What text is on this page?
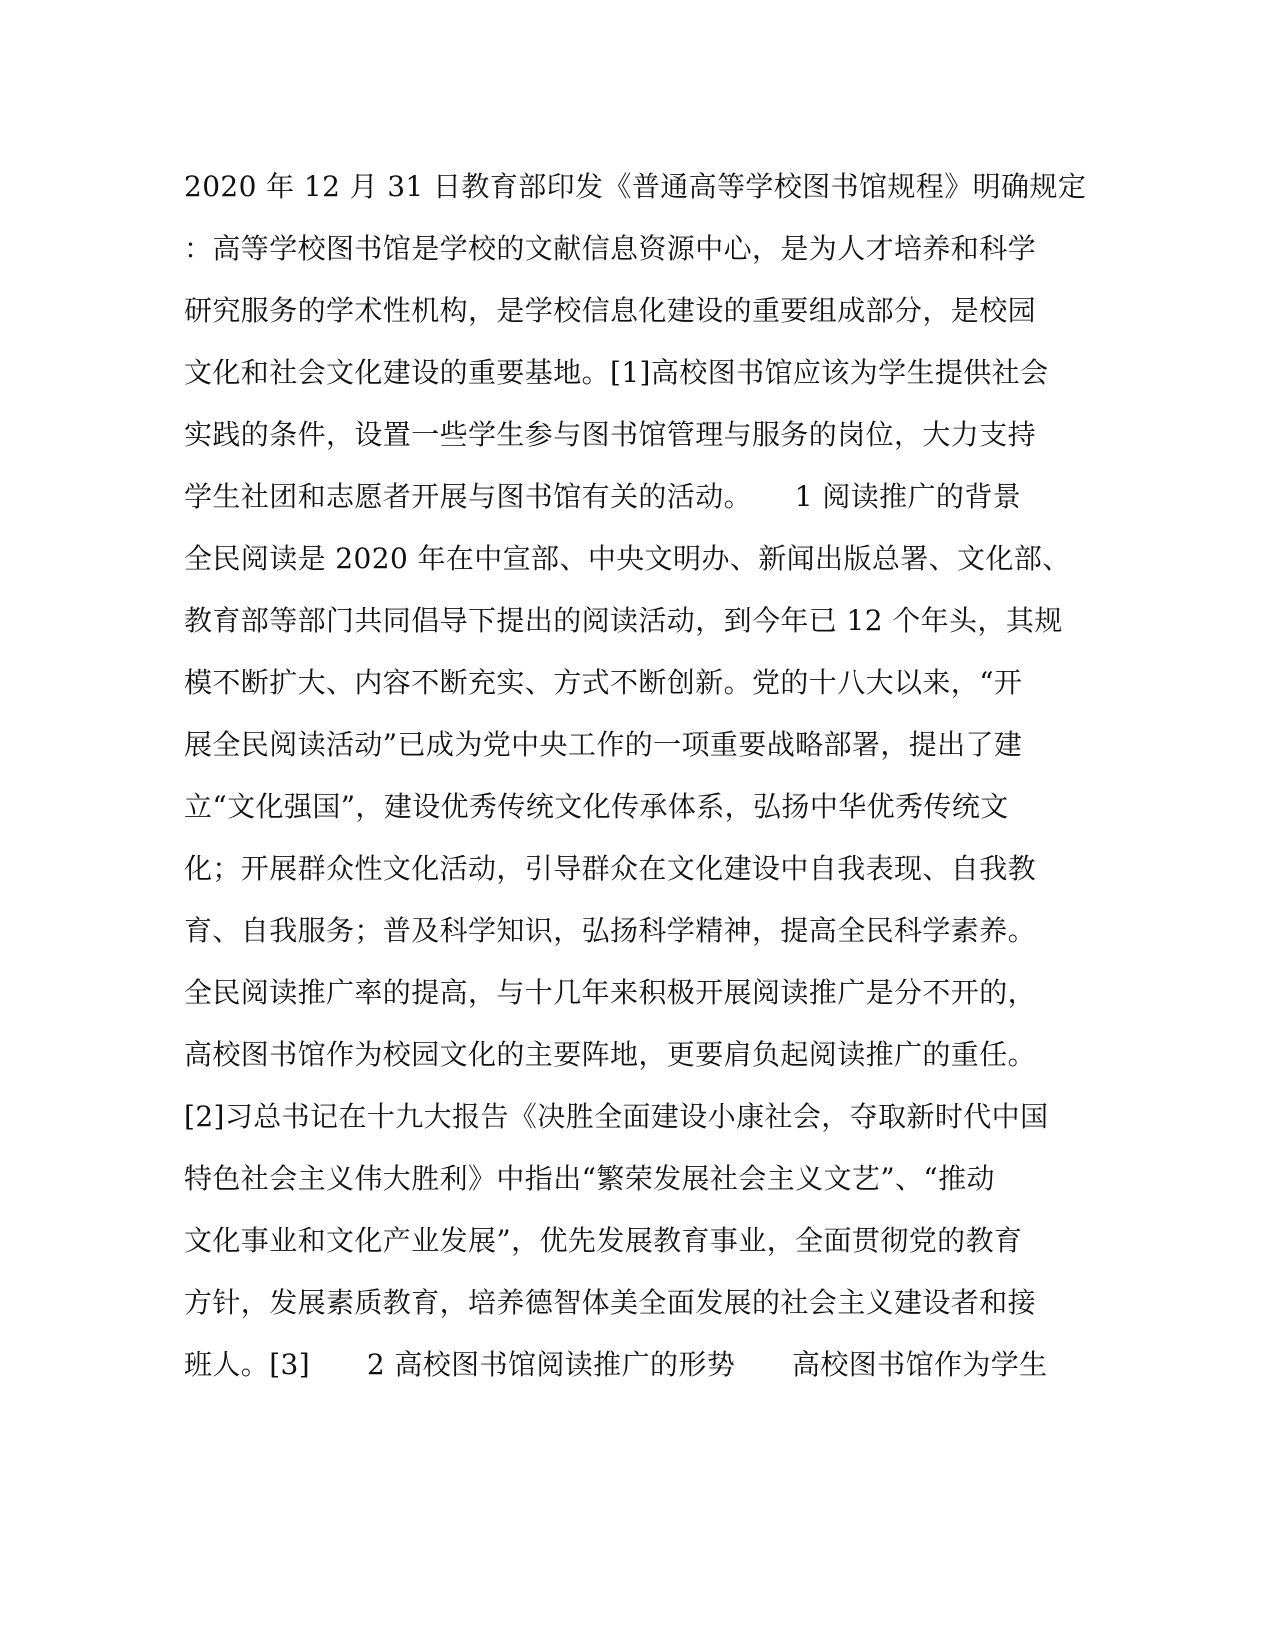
2020 年 12 月 31 日教育部印发《普通高等学校图书馆规程》明确规定
：高等学校图书馆是学校的文献信息资源中心，是为人才培养和科学
研究服务的学术性机构，是学校信息化建设的重要组成部分，是校园
文化和社会文化建设的重要基地。[1]高校图书馆应该为学生提供社会
实践的条件，设置一些学生参与图书馆管理与服务的岗位，大力支持
学生社团和志愿者开展与图书馆有关的活动。　　1 阅读推广的背景
全民阅读是 2020 年在中宣部、中央文明办、新闻出版总署、文化部、
教育部等部门共同倡导下提出的阅读活动，到今年已 12 个年头，其规
模不断扩大、内容不断充实、方式不断创新。党的十八大以来，“开
展全民阅读活动”已成为党中央工作的一项重要战略部署，提出了建
立“文化强国”，建设优秀传统文化传承体系，弘扬中华优秀传统文
化；开展群众性文化活动，引导群众在文化建设中自我表现、自我教
育、自我服务；普及科学知识，弘扬科学精神，提高全民科学素养。
全民阅读推广率的提高，与十几年来积极开展阅读推广是分不开的，
高校图书馆作为校园文化的主要阵地，更要肩负起阅读推广的重任。
[2]习总书记在十九大报告《决胜全面建设小康社会，夺取新时代中国
特色社会主义伟大胜利》中指出“繁荣发展社会主义文艺”、“推动
文化事业和文化产业发展”，优先发展教育事业，全面贯彻党的教育
方针，发展素质教育，培养德智体美全面发展的社会主义建设者和接
班人。[3]　　2 高校图书馆阅读推广的形势　　高校图书馆作为学生
